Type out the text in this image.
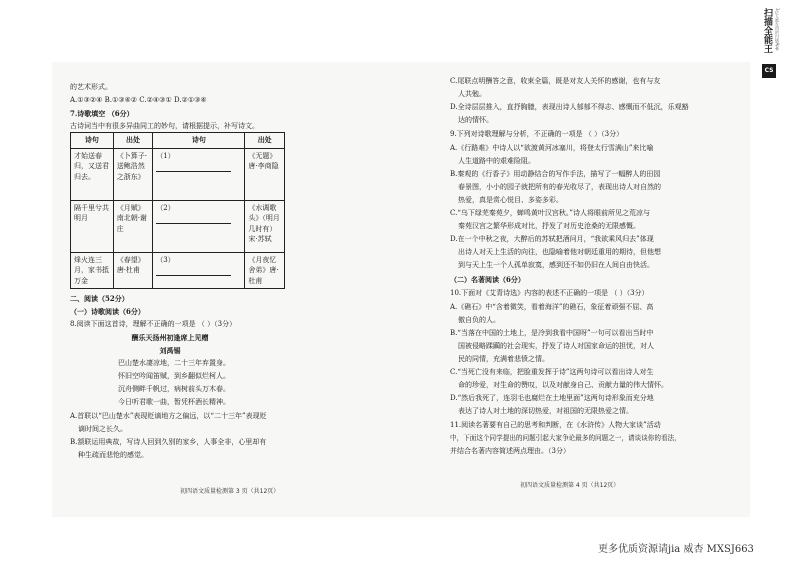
扫描全能王 3亿人都在用的扫描App
CS

的艺术形式。

A.①③②④ B.①③④② C.②④③① D.②①③④

7.诗歌填空 （6分）

古诗词当中有很多异曲同工的妙句，请根据提示，补写诗文。

诗句	出处	诗句	出处
才始送春归，又送君归去。	《卜算子·送鲍浩然之浙东》	（1）	《无题》唐·李商隐
隔千里兮共明月	《月赋》南北朝·谢庄	（2）	《水调歌头》（明月几时有）宋·苏轼
烽火连三月，家书抵万金	《春望》唐·杜甫	（3）	《月夜忆舍弟》唐·杜甫

二、阅读（52分）

（一）诗歌阅读（6分）

8.阅读下面这首诗，理解不正确的一项是 （ ）（3分）

酬乐天扬州初逢席上见赠

刘禹锡

巴山楚水凄凉地，二十三年弃置身。

怀旧空吟闻笛赋，到乡翻似烂柯人。

沉舟侧畔千帆过，病树前头万木春。

今日听君歌一曲，暂凭杯酒长精神。

A.首联以“巴山楚水”表现贬谪地方之偏远，以“二十三年”表现贬

谪时间之长久。

B.颔联运用典故，写诗人回到久别的家乡，人事全非，心里却有

种生疏而悲怆的感觉。

初四语文质量检测第 3 页（共12页）

C.尾联点明酬答之意，收束全篇，既是对友人关怀的感谢，也有与友

人共勉。

D.全诗层层推入，直抒胸臆，表现出诗人郁郁不得志、感慨而不低沉，乐观豁

达的情怀。

9.下列对诗歌理解与分析，不正确的一项是 （ ）（3分）

A.《行路难》中诗人以“欲渡黄河冰塞川，将登太行雪满山”来比喻

人生道路中的艰难险阻。

B.秦观的《行香子》用动静结合的写作手法，描写了一幅醉人的田园

春景图，小小的园子就把所有的春光收尽了，表现出诗人对自然的

热爱，真是赏心悦目、多姿多彩。

C.“乌下绿芜秦苑夕，蝉鸣黄叶汉宫秋。”诗人将眼前所见之荒凉与

秦苑汉宫之繁华形成对比，抒发了对历史沧桑的无限感慨。

D.在一个中秋之夜，大醉后的苏轼把酒问月，“我欲乘风归去”体现

出诗人对天上生活的向往，也隐喻着他对朝廷重用的期待，但他想

到与天上生一个人孤单寂寞，感到还不如仍旧在人间自由快活。

（二）名著阅读（6分）

10.下面对《艾青诗选》内容的表述不正确的一项是 （ ）（3分）

A.《礁石》中“含着微笑，看着海洋”的礁石，象征着顽强不屈、高

傲自负的人。

B.“当落在中国的土地上，是冷到我看中国呀”一句可以看出当时中

国被侵略蹂躏的社会现实，抒发了诗人对国家命运的担忧，对人

民的同情，充满着悲愤之情。

C.“当死亡没有来临，把脸重发挥于诗”这两句诗可以看出诗人对生

命的珍爱，对生命的赞叹，以及对献身自己、贡献力量的伟大情怀。

D.“然后我死了，连羽毛也腐烂在土地里面”这两句诗形象而充分地

表达了诗人对土地的深切热爱，对祖国的无限热爱之情。

11.阅读名著要有自己的思考和判断，在《水浒传》人物大家谈”活动

中，下面这个同学提出的问题引起大家争论最多的问题之一，请谈谈你的看法，

并结合名著内容简述两点理由。（3分）

初四语文质量检测第 4 页（共12页）
更多优质资源请jia 威杏 MXSJ663
